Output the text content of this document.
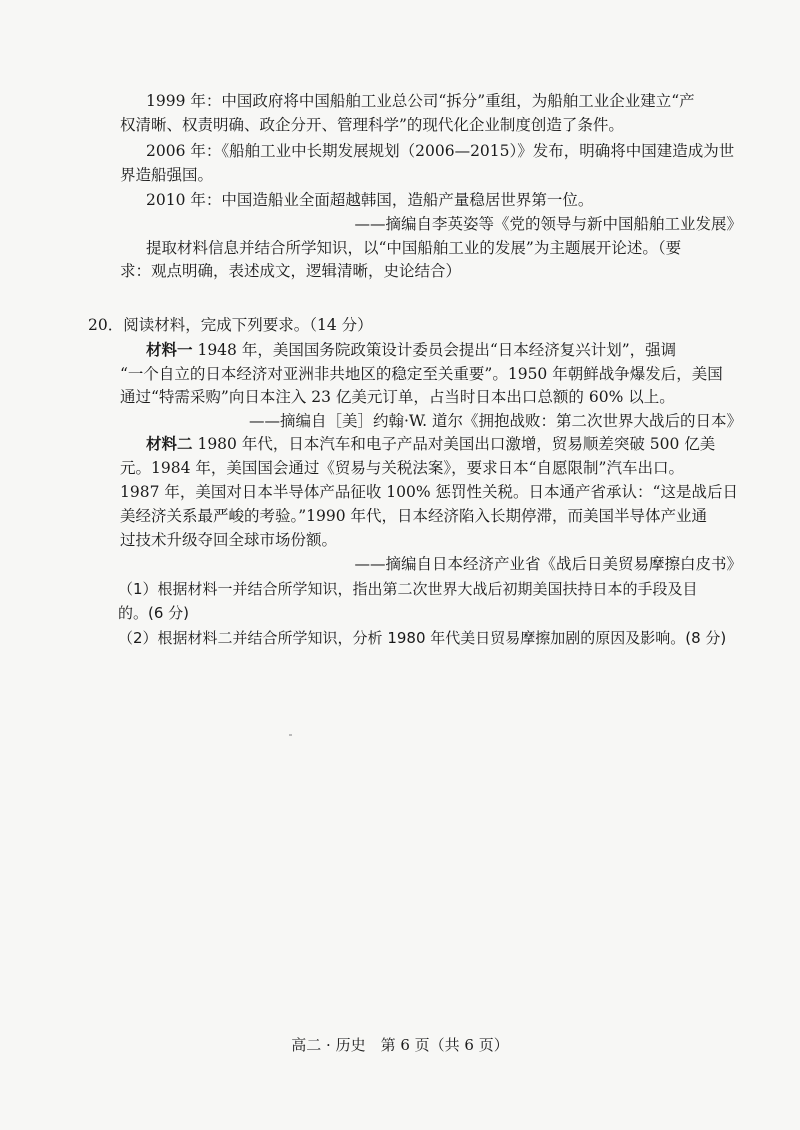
1999 年：中国政府将中国船舶工业总公司“拆分”重组，为船舶工业企业建立“产
权清晰、权责明确、政企分开、管理科学”的现代化企业制度创造了条件。
2006 年：《船舶工业中长期发展规划（2006—2015）》发布，明确将中国建造成为世
界造船强国。
2010 年：中国造船业全面超越韩国，造船产量稳居世界第一位。
——摘编自李英姿等《党的领导与新中国船舶工业发展》
提取材料信息并结合所学知识，以“中国船舶工业的发展”为主题展开论述。（要
求：观点明确，表述成文，逻辑清晰，史论结合）
20．阅读材料，完成下列要求。（14 分）
材料一 1948 年，美国国务院政策设计委员会提出“日本经济复兴计划”，强调
“一个自立的日本经济对亚洲非共地区的稳定至关重要”。1950 年朝鲜战争爆发后，美国
通过“特需采购”向日本注入 23 亿美元订单，占当时日本出口总额的 60% 以上。
——摘编自［美］约翰·W. 道尔《拥抱战败：第二次世界大战后的日本》
材料二 1980 年代，日本汽车和电子产品对美国出口激增，贸易顺差突破 500 亿美
元。1984 年，美国国会通过《贸易与关税法案》，要求日本“自愿限制”汽车出口。
1987 年，美国对日本半导体产品征收 100% 惩罚性关税。日本通产省承认：“这是战后日
美经济关系最严峻的考验。”1990 年代，日本经济陷入长期停滞，而美国半导体产业通
过技术升级夺回全球市场份额。
——摘编自日本经济产业省《战后日美贸易摩擦白皮书》
（1）根据材料一并结合所学知识，指出第二次世界大战后初期美国扶持日本的手段及目
的。(6 分)
（2）根据材料二并结合所学知识，分析 1980 年代美日贸易摩擦加剧的原因及影响。(8 分)
高二 · 历史　第 6 页（共 6 页）
